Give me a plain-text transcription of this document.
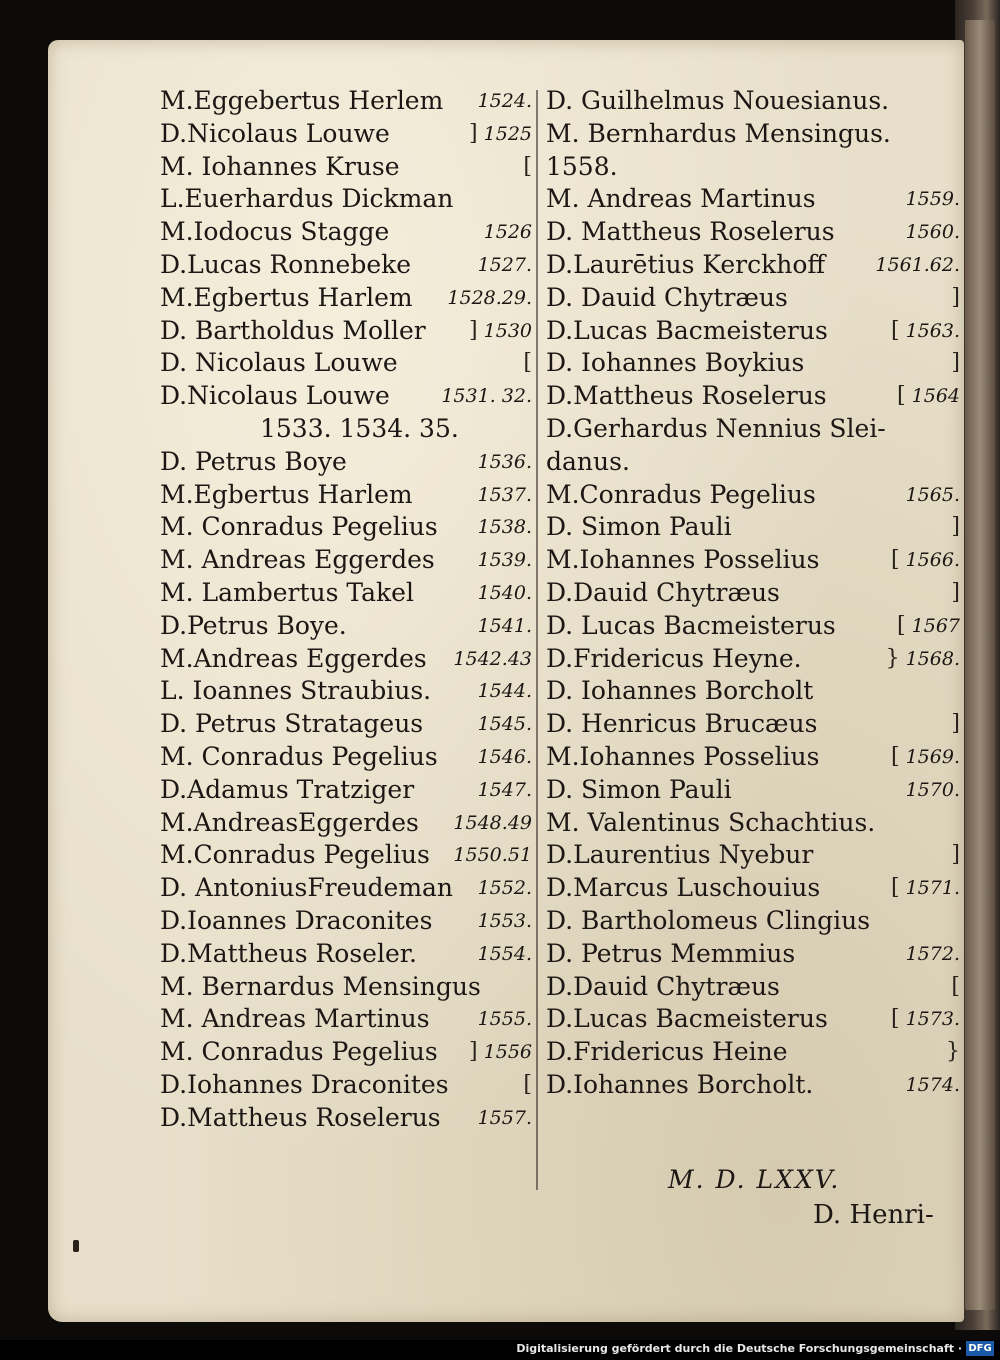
M.Eggebertus Herlem	1524.
D.Nicolaus Louwe	] 1525
M. Iohannes Kruse	[
L.Euerhardus Dickman
M.Iodocus Stagge	1526
D.Lucas Ronnebeke	1527.
M.Egbertus Harlem	1528.29.
D. Bartholdus Moller	] 1530
D. Nicolaus Louwe	[
D.Nicolaus Louwe	1531. 32.
1533. 1534. 35.
D. Petrus Boye	1536.
M.Egbertus Harlem	1537.
M. Conradus Pegelius	1538.
M. Andreas Eggerdes	1539.
M. Lambertus Takel	1540.
D.Petrus Boye.	1541.
M.Andreas Eggerdes	1542.43
L. Ioannes Straubius.	1544.
D. Petrus Stratageus	1545.
M. Conradus Pegelius	1546.
D.Adamus Tratziger	1547.
M.AndreasEggerdes	1548.49
M.Conradus Pegelius	1550.51
D. AntoniusFreudeman	1552.
D.Ioannes Draconites	1553.
D.Mattheus Roseler.	1554.
M. Bernardus Mensingus
M. Andreas Martinus	1555.
M. Conradus Pegelius	] 1556
D.Iohannes Draconites	[
D.Mattheus Roselerus	1557.
D. Guilhelmus Nouesianus.
M. Bernhardus Mensingus.
1558.
M. Andreas Martinus	1559.
D. Mattheus Roselerus	1560.
D.Laurētius Kerckhoff	1561.62.
D. Dauid Chytræus	]
D.Lucas Bacmeisterus	[ 1563.
D. Iohannes Boykius	]
D.Mattheus Roselerus	[ 1564
D.Gerhardus Nennius Slei-
danus.
M.Conradus Pegelius	1565.
D. Simon Pauli	]
M.Iohannes Posselius	[ 1566.
D.Dauid Chytræus	]
D. Lucas Bacmeisterus	[ 1567
D.Fridericus Heyne.	} 1568.
D. Iohannes Borcholt
D. Henricus Brucæus	]
M.Iohannes Posselius	[ 1569.
D. Simon Pauli	1570.
M. Valentinus Schachtius.
D.Laurentius Nyebur	]
D.Marcus Luschouius	[ 1571.
D. Bartholomeus Clingius
D. Petrus Memmius	1572.
D.Dauid Chytræus	[
D.Lucas Bacmeisterus	[ 1573.
D.Fridericus Heine	}
D.Iohannes Borcholt.	1574.
M. D. LXXV.
D. Henri-
Digitalisierung gefördert durch die Deutsche Forschungsgemeinschaft · DFG
